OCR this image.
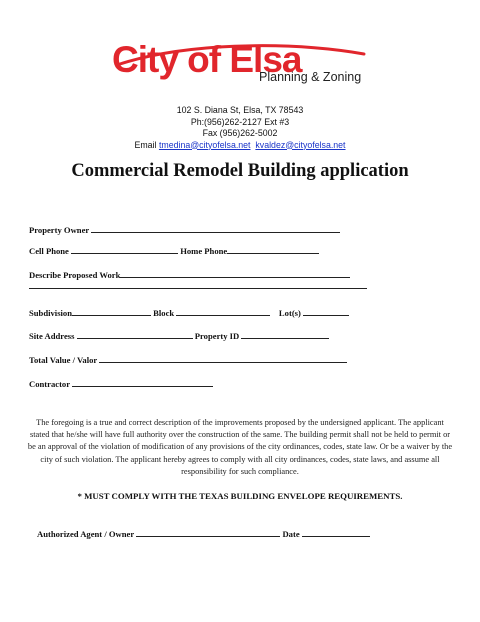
City of Elsa
Planning & Zoning
102 S. Diana St, Elsa, TX 78543
Ph:(956)262-2127 Ext #3
Fax (956)262-5002
Email tmedina@cityofelsa.net kvaldez@cityofelsa.net
Commercial Remodel Building application
Property Owner
Cell Phone	Home Phone
Describe Proposed Work
Subdivision	Block	Lot(s)
Site Address	Property ID
Total Value / Valor
Contractor
The foregoing is a true and correct description of the improvements proposed by the undersigned applicant. The applicant stated that he/she will have full authority over the construction of the same. The building permit shall not be held to permit or be an approval of the violation of modification of any provisions of the city ordinances, codes, state law. Or be a waiver by the city of such violation. The applicant hereby agrees to comply with all city ordinances, codes, state laws, and assume all responsibility for such compliance.
* MUST COMPLY WITH THE TEXAS BUILDING ENVELOPE REQUIREMENTS.
Authorized Agent / Owner	Date
